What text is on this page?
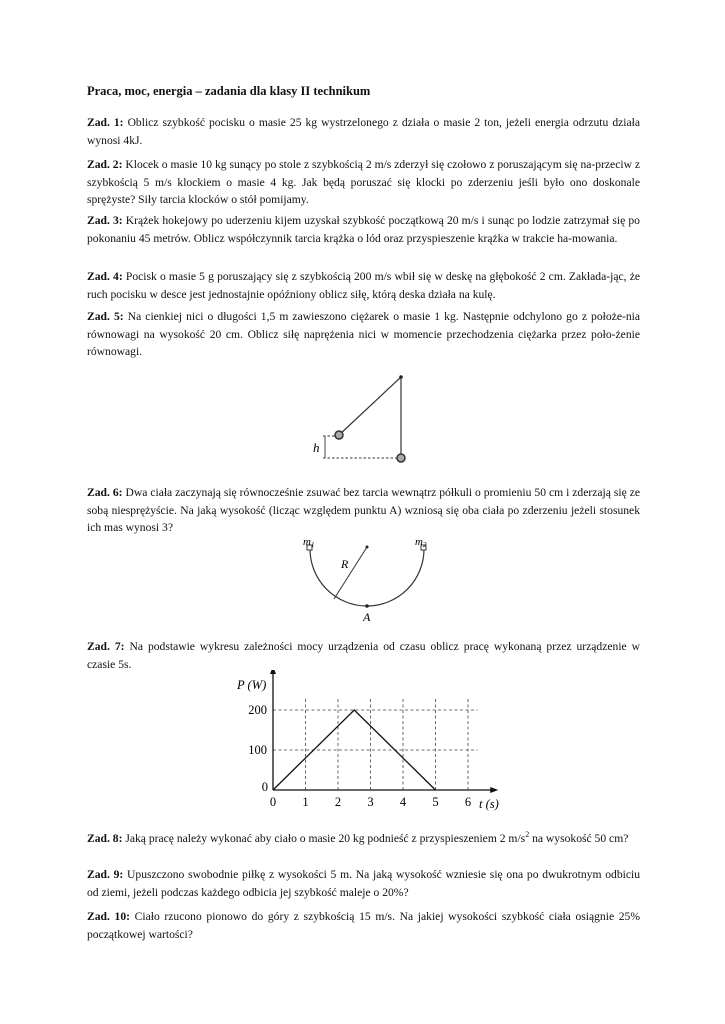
Praca, moc, energia – zadania dla klasy II technikum
Zad. 1: Oblicz szybkość pocisku o masie 25 kg wystrzelonego z działa o masie 2 ton, jeżeli energia odrzutu działa wynosi 4kJ.
Zad. 2: Klocek o masie 10 kg sunący po stole z szybkością 2 m/s zderzył się czołowo z poruszającym się na-przeciw z szybkością 5 m/s klockiem o masie 4 kg. Jak będą poruszać się klocki po zderzeniu jeśli było ono doskonale sprężyste? Siły tarcia klocków o stół pomijamy.
Zad. 3: Krążek hokejowy po uderzeniu kijem uzyskał szybkość początkową 20 m/s i sunąc po lodzie zatrzymał się po pokonaniu 45 metrów. Oblicz współczynnik tarcia krążka o lód oraz przyspieszenie krążka w trakcie ha-mowania.
Zad. 4: Pocisk o masie 5 g poruszający się z szybkością 200 m/s wbił się w deskę na głębokość 2 cm. Zakłada-jąc, że ruch pocisku w desce jest jednostajnie opóźniony oblicz siłę, którą deska działa na kulę.
Zad. 5: Na cienkiej nici o długości 1,5 m zawieszono ciężarek o masie 1 kg. Następnie odchylono go z położe-nia równowagi na wysokość 20 cm. Oblicz siłę naprężenia nici w momencie przechodzenia ciężarka przez poło-żenie równowagi.
h
Zad. 6: Dwa ciała zaczynają się równocześnie zsuwać bez tarcia wewnątrz półkuli o promieniu 50 cm i zderzają się ze sobą niesprężyście. Na jaką wysokość (licząc względem punktu A) wzniosą się oba ciała po zderzeniu jeżeli stosunek ich mas wynosi 3?
m1	m2
R
A
Zad. 7: Na podstawie wykresu zależności mocy urządzenia od czasu oblicz pracę wykonaną przez urządzenie w czasie 5s.
0 1 2 3 4 5 6
0
100
200
P (W)
t (s)
Zad. 8: Jaką pracę należy wykonać aby ciało o masie 20 kg podnieść z przyspieszeniem 2 $m/s^2$ na wysokość 50 cm?
Zad. 9: Upuszczono swobodnie piłkę z wysokości 5 m. Na jaką wysokość wzniesie się ona po dwukrotnym odbiciu od ziemi, jeżeli podczas każdego odbicia jej szybkość maleje o 20%?
Zad. 10: Ciało rzucono pionowo do góry z szybkością 15 m/s. Na jakiej wysokości szybkość ciała osiągnie 25% początkowej wartości?
